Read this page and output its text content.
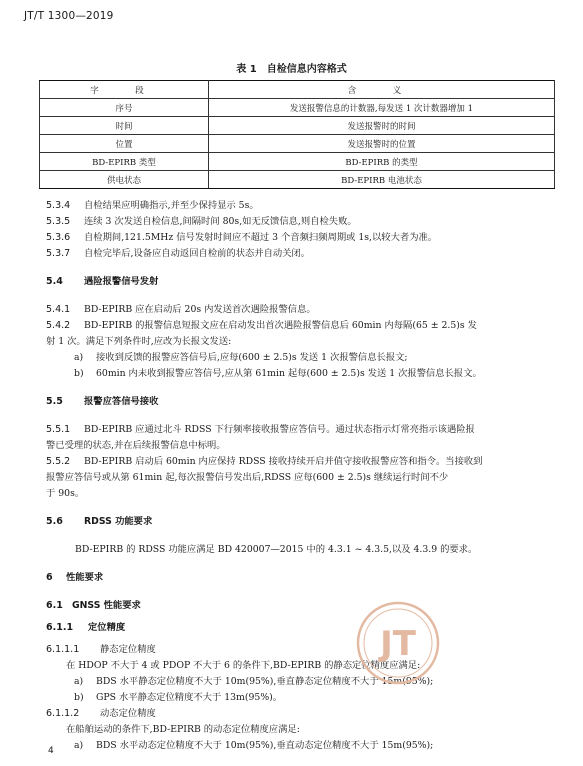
JT/T 1300—2019
表 1　自检信息内容格式
字　段	含　义
序号	发送报警信息的计数器,每发送 1 次计数器增加 1
时间	发送报警时的时间
位置	发送报警时的位置
BD-EPIRB 类型	BD-EPIRB 的类型
供电状态	BD-EPIRB 电池状态
5.3.4 自检结果应明确指示,并至少保持显示 5s。
5.3.5 连续 3 次发送自检信息,间隔时间 80s,如无反馈信息,则自检失败。
5.3.6 自检期间,121.5MHz 信号发射时间应不超过 3 个音频扫频周期或 1s,以较大者为准。
5.3.7 自检完毕后,设备应自动返回自检前的状态并自动关闭。
5.4 遇险报警信号发射
5.4.1 BD-EPIRB 应在启动后 20s 内发送首次遇险报警信息。
5.4.2 BD-EPIRB 的报警信息短报文应在启动发出首次遇险报警信息后 60min 内每隔(65 ± 2.5)s 发
射 1 次。满足下列条件时,应改为长报文发送:
a) 接收到反馈的报警应答信号后,应每(600 ± 2.5)s 发送 1 次报警信息长报文;
b) 60min 内未收到报警应答信号,应从第 61min 起每(600 ± 2.5)s 发送 1 次报警信息长报文。
5.5 报警应答信号接收
5.5.1 BD-EPIRB 应通过北斗 RDSS 下行频率接收报警应答信号。通过状态指示灯常亮指示该遇险报
警已受理的状态,并在后续报警信息中标明。
5.5.2 BD-EPIRB 启动后 60min 内应保持 RDSS 接收持续开启并值守接收报警应答和指令。当接收到
报警应答信号或从第 61min 起,每次报警信号发出后,RDSS 应每(600 ± 2.5)s 继续运行时间不少
于 90s。
5.6 RDSS 功能要求
BD-EPIRB 的 RDSS 功能应满足 BD 420007—2015 中的 4.3.1 ~ 4.3.5,以及 4.3.9 的要求。
6 性能要求
6.1 GNSS 性能要求
6.1.1 定位精度
6.1.1.1 静态定位精度
在 HDOP 不大于 4 或 PDOP 不大于 6 的条件下,BD-EPIRB 的静态定位精度应满足:
a) BDS 水平静态定位精度不大于 10m(95%),垂直静态定位精度不大于 15m(95%);
b) GPS 水平静态定位精度不大于 13m(95%)。
6.1.1.2 动态定位精度
在船舶运动的条件下,BD-EPIRB 的动态定位精度应满足:
a) BDS 水平动态定位精度不大于 10m(95%),垂直动态定位精度不大于 15m(95%);
JT
4
